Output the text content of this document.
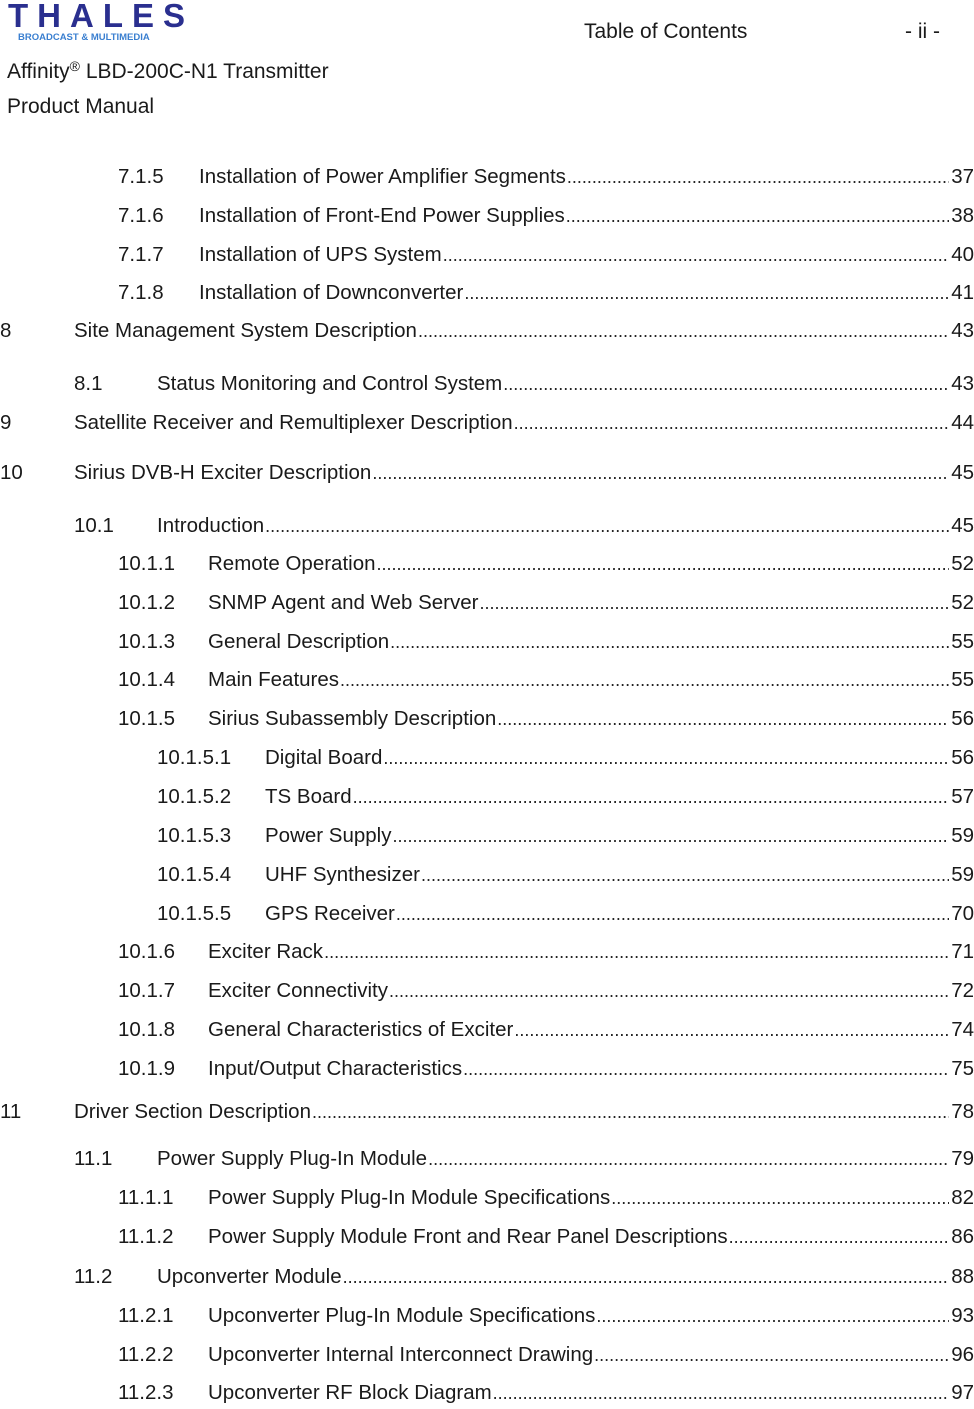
THALES
BROADCAST & MULTIMEDIA	Table of Contents	- ii -
Affinity® LBD-200C-N1 Transmitter
Product Manual
7.1.5	Installation of Power Amplifier Segments .....	37
7.1.6	Installation of Front-End Power Supplies .....	38
7.1.7	Installation of UPS System .....	40
7.1.8	Installation of Downconverter .....	41
8	Site Management System Description .....	43
8.1	Status Monitoring and Control System .....	43
9	Satellite Receiver and Remultiplexer Description .....	44
10	Sirius DVB-H Exciter Description .....	45
10.1	Introduction .....	45
10.1.1	Remote Operation .....	52
10.1.2	SNMP Agent and Web Server .....	52
10.1.3	General Description .....	55
10.1.4	Main Features .....	55
10.1.5	Sirius Subassembly Description .....	56
10.1.5.1	Digital Board .....	56
10.1.5.2	TS Board .....	57
10.1.5.3	Power Supply .....	59
10.1.5.4	UHF Synthesizer .....	59
10.1.5.5	GPS Receiver .....	70
10.1.6	Exciter Rack .....	71
10.1.7	Exciter Connectivity .....	72
10.1.8	General Characteristics of Exciter .....	74
10.1.9	Input/Output Characteristics .....	75
11	Driver Section Description .....	78
11.1	Power Supply Plug-In Module .....	79
11.1.1	Power Supply Plug-In Module Specifications .....	82
11.1.2	Power Supply Module Front and Rear Panel Descriptions .....	86
11.2	Upconverter Module .....	88
11.2.1	Upconverter Plug-In Module Specifications .....	93
11.2.2	Upconverter Internal Interconnect Drawing .....	96
11.2.3	Upconverter RF Block Diagram .....	97
